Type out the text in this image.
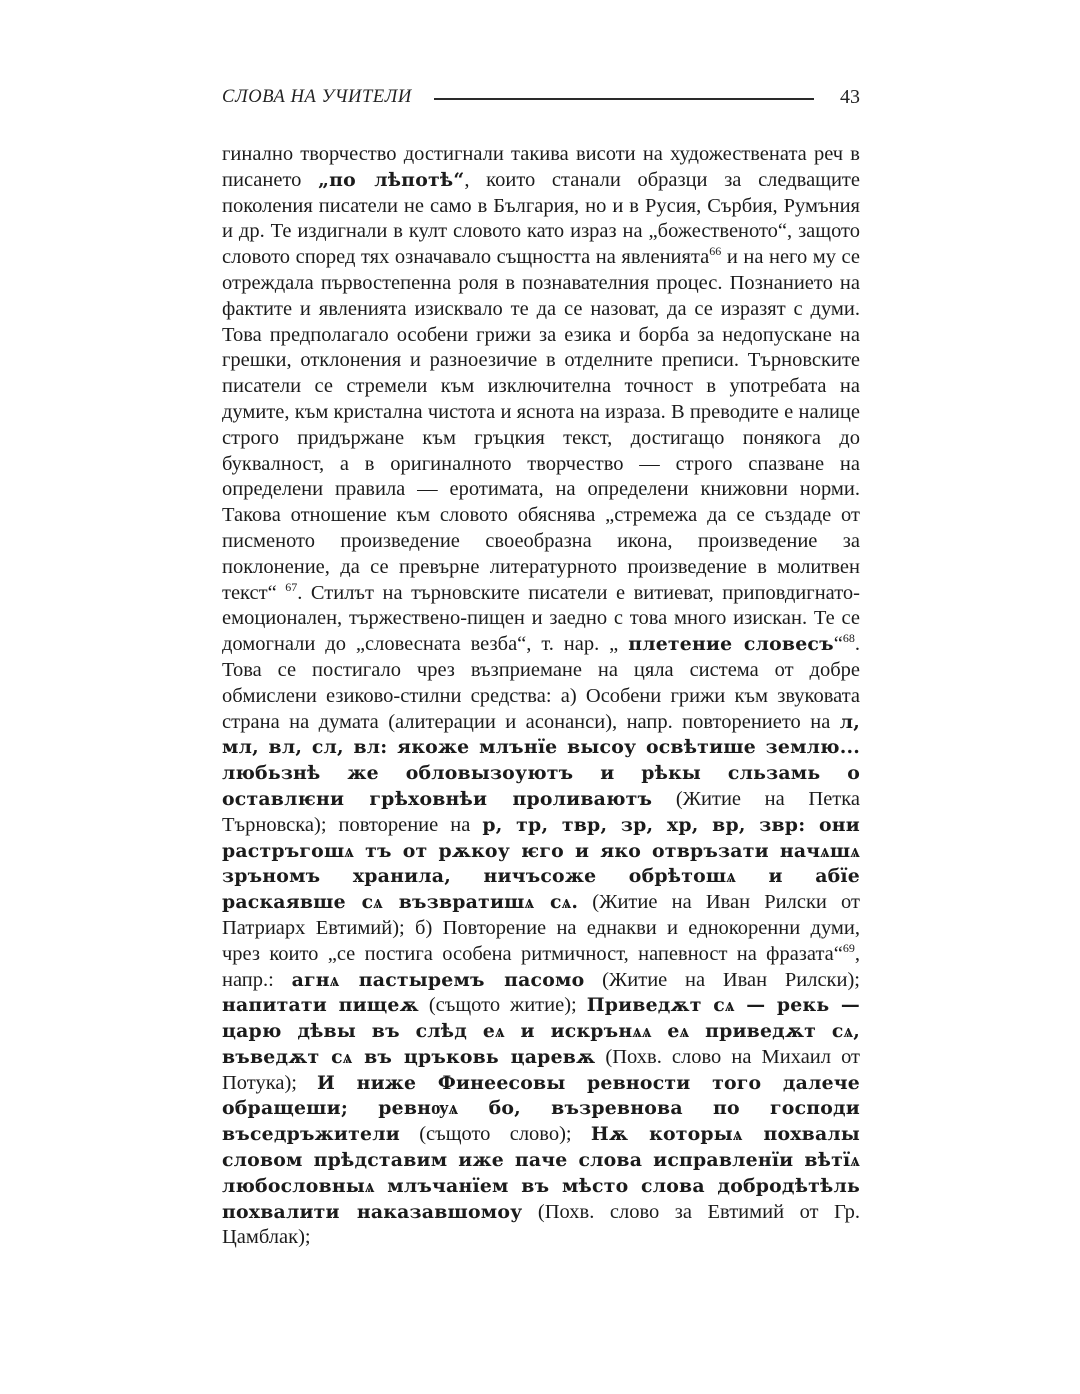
СЛОВА НА УЧИТЕЛИ	43
гинално творчество достигнали такива висоти на художествената реч в писането „по лѣпотѣ“, които станали образци за следващите поколения писатели не само в България, но и в Русия, Сърбия, Румъния и др. Те издигнали в култ словото като израз на „божественото“, защото словото според тях означавало същността на явленията$^{66}$ и на него му се отреждала първостепенна роля в познавателния процес. Познанието на фактите и явленията изисквало те да се назоват, да се изразят с думи. Това предполагало особени грижи за езика и борба за недопускане на грешки, отклонения и разноезичие в отделните преписи. Търновските писатели се стремели към изключителна точност в употребата на думите, към кристална чистота и яснота на израза. В преводите е налице строго придържане към гръцкия текст, достигащо понякога до буквалност, а в оригиналното творчество — строго спазване на определени правила — еротимата, на определени книжовни норми. Такова отношение към словото обяснява „стремежа да се създаде от писменото произведение своеобразна икона, произведение за поклонение, да се превърне литературното произведение в молитвен текст“ $^{67}$. Стилът на търновските писатели е витиеват, приповдигнато-емоционален, тържествено-пищен и заедно с това много изискан. Те се домогнали до „словесната везба“, т. нар. „ плетение словесъ“$^{68}$. Това се постигало чрез възприемане на цяла система от добре обмислени езиково-стилни средства: а) Особени грижи към звуковата страна на думата (алитерации и асонанси), напр. повторението на л, мл, вл, сл, вл: якоже млънїе высоу освѣтише землю... любьзнѣ же обловызоуютъ и рѣкы сльзамь о оставлѥни грѣховнѣи проливаютъ (Житие на Петка Търновска); повторение на р, тр, твр, зр, хр, вр, звр: они растръгошѧ тъ от рѫкоу ѥго и яко отвръзати начѧшѧ зръномъ хранила, ничъсоже обрѣтошѧ и абїе раскаявше сѧ възвратишѧ сѧ. (Житие на Иван Рилски от Патриарх Евтимий); б) Повторение на еднакви и еднокоренни думи, чрез които „се постига особена ритмичност, напевност на фразата“$^{69}$, напр.: агнѧ пастыремъ пасомо (Житие на Иван Рилски); напитати пищеѫ (същото житие); Приведѫт сѧ — рекь — царю дѣвы въ слѣд еѧ и искрънѧѧ еѧ приведѫт сѧ, въведѫт сѧ въ цръковь царевѫ (Похв. слово на Михаил от Потука); И ниже Финеесовы ревности того далече обращеши; ревнѹѧ бо, възревнова по господи въседръжители (същото слово); Нѫ которыѧ похвалы словом прѣдставим иже паче слова исправленїи вѣтїѧ любословныѧ млъчанїем въ мѣсто слова добродѣтѣль похвалити наказавшомоу (Похв. слово за Евтимий от Гр. Цамблак);
